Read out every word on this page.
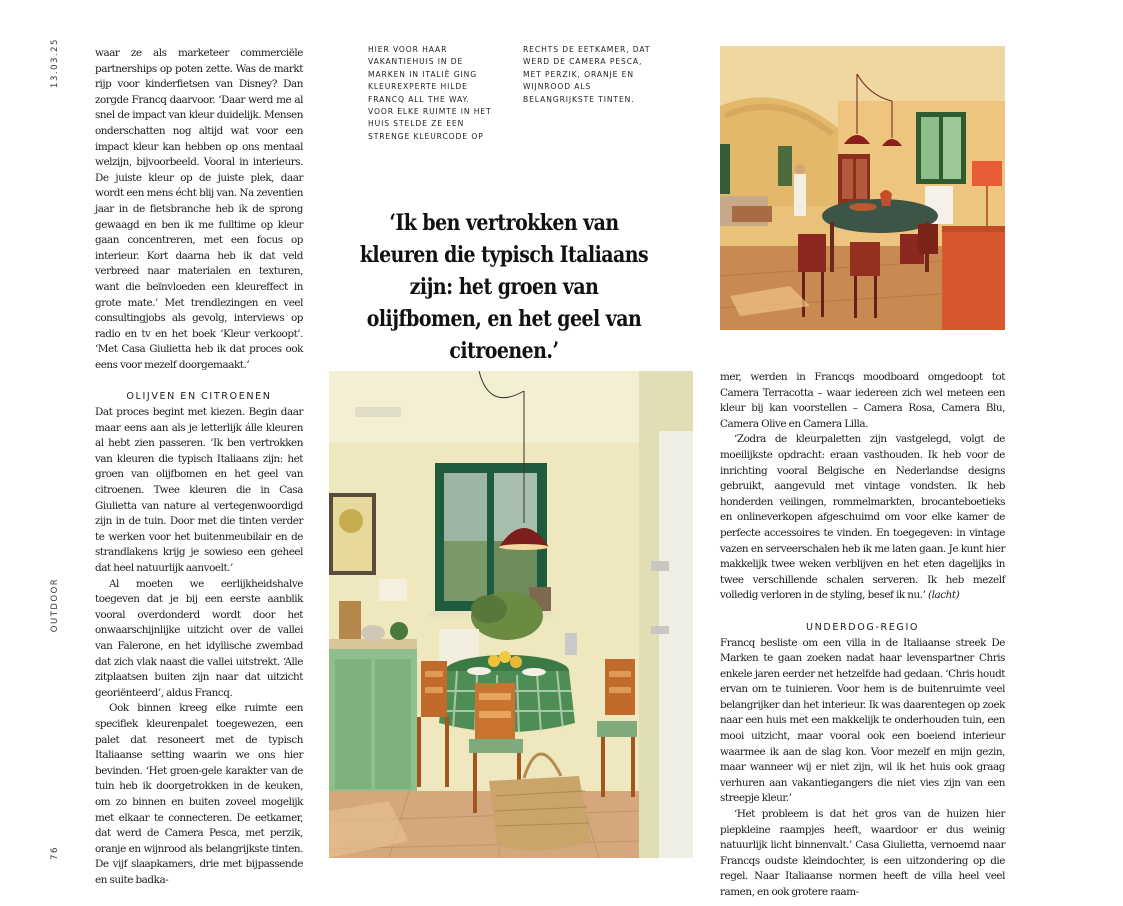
13.03.25
OUTDOOR
76

waar ze als marketeer commerciële partnerships op poten zette. Was de markt rijp voor kinderfietsen van Disney? Dan zorgde Francq daarvoor. ‘Daar werd me al snel de impact van kleur duidelijk. Mensen onderschatten nog altijd wat voor een impact kleur kan hebben op ons mentaal welzijn, bijvoorbeeld. Vooral in interieurs. De juiste kleur op de juiste plek, daar wordt een mens écht blij van. Na zeventien jaar in de fietsbranche heb ik de sprong gewaagd en ben ik me fulltime op kleur gaan concentreren, met een focus op interieur. Kort daarna heb ik dat veld verbreed naar materialen en texturen, want die beïnvloeden een kleureffect in grote mate.’ Met trendlezingen en veel consultingjobs als gevolg, interviews op radio en tv en het boek ‘Kleur verkoopt’. ‘Met Casa Giulietta heb ik dat proces ook eens voor mezelf doorgemaakt.’

OLIJVEN EN CITROENEN

Dat proces begint met kiezen. Begin daar maar eens aan als je letterlijk álle kleuren al hebt zien passeren. ‘Ik ben vertrokken van kleuren die typisch Italiaans zijn: het groen van olijfbomen en het geel van citroenen. Twee kleuren die in Casa Giulietta van nature al vertegenwoordigd zijn in de tuin. Door met die tinten verder te werken voor het buitenmeubilair en de strandlakens krijg je sowieso een geheel dat heel natuurlijk aanvoelt.’

Al moeten we eerlijkheidshalve toegeven dat je bij een eerste aanblik vooral overdonderd wordt door het onwaarschijnlijke uitzicht over de vallei van Falerone, en het idyllische zwembad dat zich vlak naast die vallei uitstrekt. ‘Alle zitplaatsen buiten zijn naar dat uitzicht georiënteerd’, aldus Francq.

Ook binnen kreeg elke ruimte een specifiek kleurenpalet toegewezen, een palet dat resoneert met de typisch Italiaanse setting waarin we ons hier bevinden. ‘Het groen-gele karakter van de tuin heb ik doorgetrokken in de keuken, om zo binnen en buiten zoveel mogelijk met elkaar te connecteren. De eetkamer, dat werd de Camera Pesca, met perzik, oranje en wijnrood als belangrijkste tinten. De vijf slaapkamers, drie met bijpassende en suite badka-

HIER VOOR HAAR VAKANTIEHUIS IN DE MARKEN IN ITALIË GING KLEUREXPERTE HILDE FRANCQ ALL THE WAY. VOOR ELKE RUIMTE IN HET HUIS STELDE ZE EEN STRENGE KLEURCODE OP
RECHTS DE EETKAMER, DAT WERD DE CAMERA PESCA, MET PERZIK, ORANJE EN WIJNROOD ALS BELANGRIJKSTE TINTEN.
‘Ik ben vertrokken van kleuren die typisch Italiaans zijn: het groen van olijfbomen, en het geel van citroenen.’

mer, werden in Francqs moodboard omgedoopt tot Camera Terracotta – waar iedereen zich wel meteen een kleur bij kan voorstellen – Camera Rosa, Camera Blu, Camera Olive en Camera Lilla.

‘Zodra de kleurpaletten zijn vastgelegd, volgt de moeilijkste opdracht: eraan vasthouden. Ik heb voor de inrichting vooral Belgische en Nederlandse designs gebruikt, aangevuld met vintage vondsten. Ik heb honderden veilingen, rommelmarkten, brocanteboetieks en onlineverkopen afgeschuimd om voor elke kamer de perfecte accessoires te vinden. En toegegeven: in vintage vazen en serveerschalen heb ik me laten gaan. Je kunt hier makkelijk twee weken verblijven en het eten dagelijks in twee verschillende schalen serveren. Ik heb mezelf volledig verloren in de styling, besef ik nu.’ (lacht)

UNDERDOG-REGIO

Francq besliste om een villa in de Italiaanse streek De Marken te gaan zoeken nadat haar levenspartner Chris enkele jaren eerder net hetzelfde had gedaan. ‘Chris houdt ervan om te tuinieren. Voor hem is de buitenruimte veel belangrijker dan het interieur. Ik was daarentegen op zoek naar een huis met een makkelijk te onderhouden tuin, een mooi uitzicht, maar vooral ook een boeiend interieur waarmee ik aan de slag kon. Voor mezelf en mijn gezin, maar wanneer wij er niet zijn, wil ik het huis ook graag verhuren aan vakantiegangers die niet vies zijn van een streepje kleur.’

‘Het probleem is dat het gros van de huizen hier piepkleine raampjes heeft, waardoor er dus weinig natuurlijk licht binnenvalt.’ Casa Giulietta, vernoemd naar Francqs oudste kleindochter, is een uitzondering op die regel. Naar Italiaanse normen heeft de villa heel veel ramen, en ook grotere raam-
